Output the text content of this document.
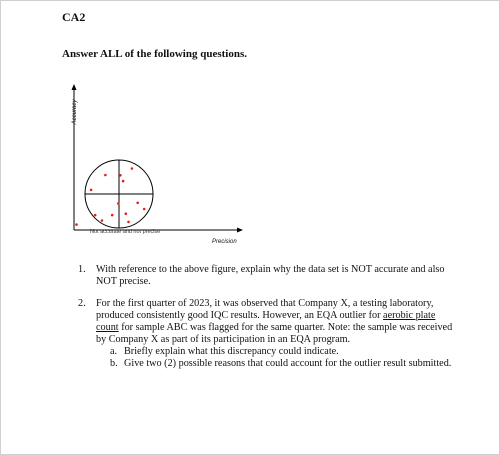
CA2
Answer ALL of the following questions.
Accuracy
Not accurate and not precise
Precision
1. With reference to the above figure, explain why the data set is NOT accurate and also NOT precise.
2. For the first quarter of 2023, it was observed that Company X, a testing laboratory, produced consistently good IQC results. However, an EQA outlier for aerobic plate count for sample ABC was flagged for the same quarter. Note: the sample was received by Company X as part of its participation in an EQA program.
a. Briefly explain what this discrepancy could indicate.
b. Give two (2) possible reasons that could account for the outlier result submitted.
